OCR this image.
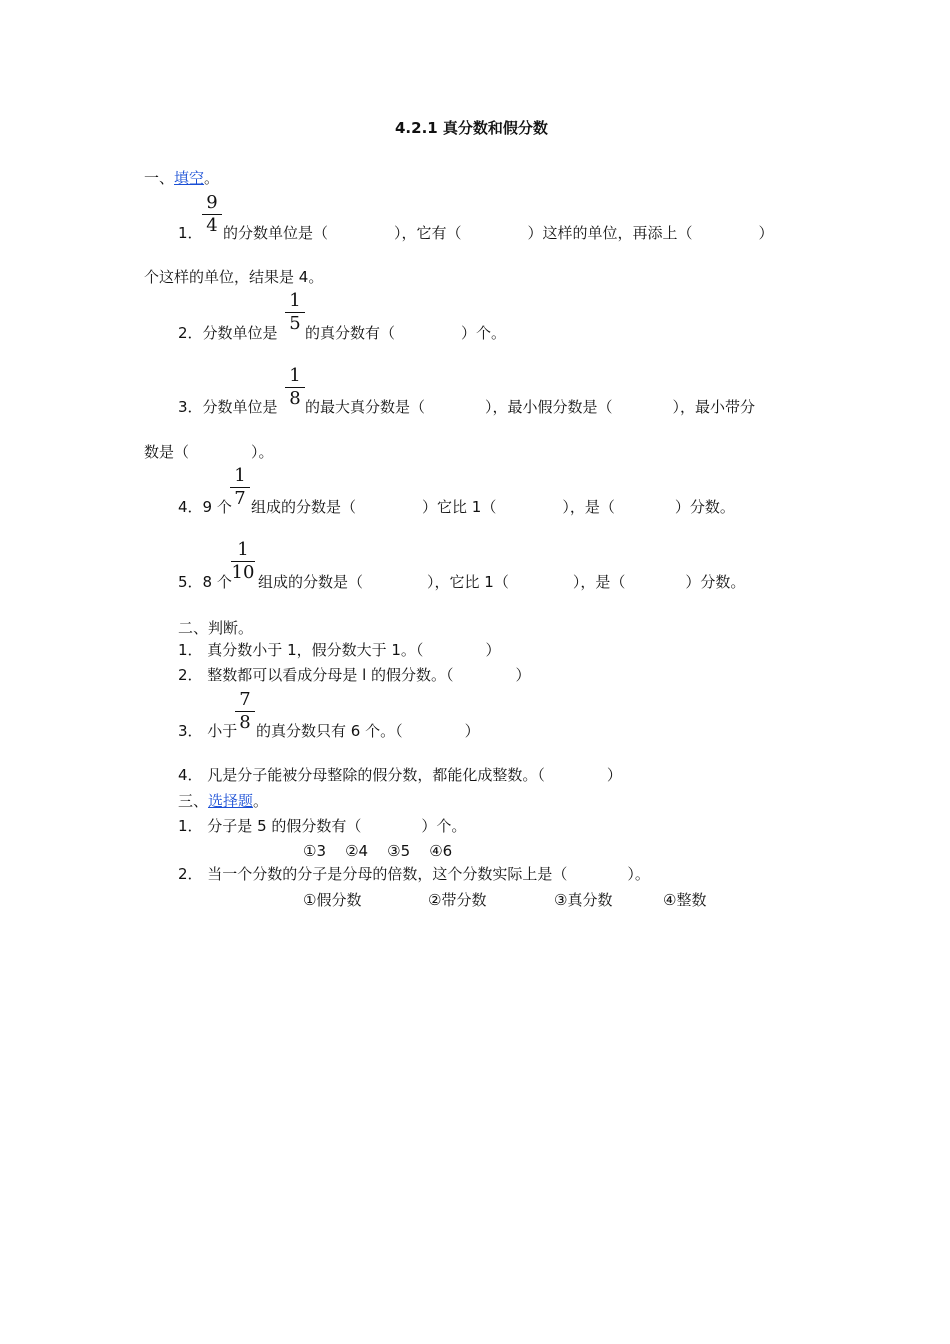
4.2.1 真分数和假分数
一、填空。
9
4
1． 的分数单位是（	），它有（	）这样的单位，再添上（	）
个这样的单位，结果是 4。
1
5
2．分数单位是 的真分数有（	）个。
1
8
3．分数单位是 的最大真分数是（	），最小假分数是（	），最小带分
数是（	）。
1
7
4．9 个 组成的分数是（	）它比 1（	），是（	）分数。
1
10
5．8 个 组成的分数是（	），它比 1（	），是（	）分数。
二、判断。
1． 真分数小于 1，假分数大于 1。（	）
2． 整数都可以看成分母是 l 的假分数。（	）
7
8
3． 小于 的真分数只有 6 个。（	）
4． 凡是分子能被分母整除的假分数，都能化成整数。（	）
三、选择题。
1． 分子是 5 的假分数有（	）个。
①3    ②4    ③5    ④6
2． 当一个分数的分子是分母的倍数，这个分数实际上是（	）。
①假分数	②带分数	③真分数	④整数
